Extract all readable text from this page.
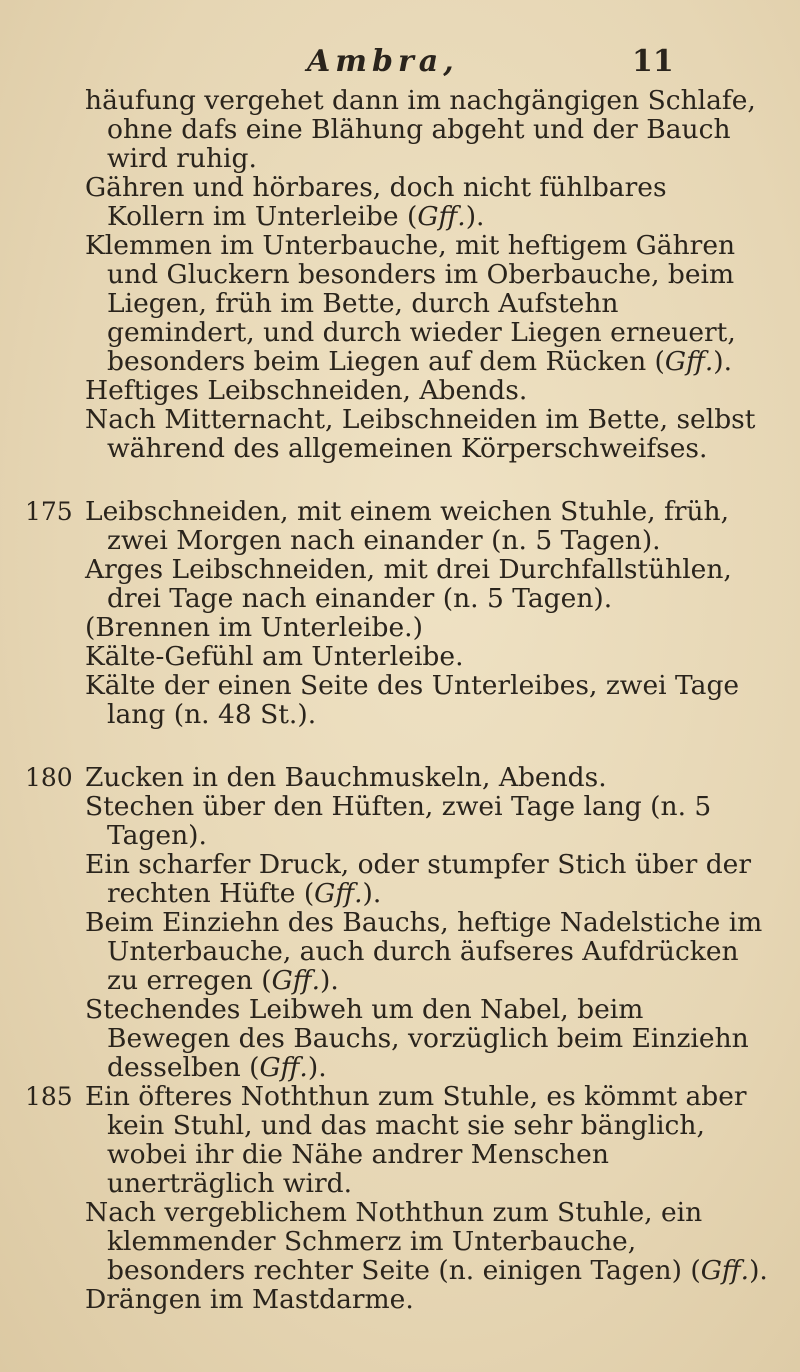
Ambra,	11
häufung vergehet dann im nachgängigen Schlafe, ohne dafs eine Blähung abgeht und der Bauch wird ruhig.
Gähren und hörbares, doch nicht fühlbares Kollern im Unterleibe (Gff.).
Klemmen im Unterbauche, mit heftigem Gähren und Gluckern besonders im Oberbauche, beim Liegen, früh im Bette, durch Aufstehn gemindert, und durch wieder Liegen erneuert, besonders beim Liegen auf dem Rücken (Gff.).
Heftiges Leibschneiden, Abends.
Nach Mitternacht, Leibschneiden im Bette, selbst während des allgemeinen Körperschweifses.
175 Leibschneiden, mit einem weichen Stuhle, früh, zwei Morgen nach einander (n. 5 Tagen).
Arges Leibschneiden, mit drei Durchfallstühlen, drei Tage nach einander (n. 5 Tagen).
(Brennen im Unterleibe.)
Kälte-Gefühl am Unterleibe.
Kälte der einen Seite des Unterleibes, zwei Tage lang (n. 48 St.).
180 Zucken in den Bauchmuskeln, Abends.
Stechen über den Hüften, zwei Tage lang (n. 5 Tagen).
Ein scharfer Druck, oder stumpfer Stich über der rechten Hüfte (Gff.).
Beim Einziehn des Bauchs, heftige Nadelstiche im Unterbauche, auch durch äufseres Aufdrücken zu erregen (Gff.).
Stechendes Leibweh um den Nabel, beim Bewegen des Bauchs, vorzüglich beim Einziehn desselben (Gff.).
185 Ein öfteres Noththun zum Stuhle, es kömmt aber kein Stuhl, und das macht sie sehr bänglich, wobei ihr die Nähe andrer Menschen unerträglich wird.
Nach vergeblichem Noththun zum Stuhle, ein klemmender Schmerz im Unterbauche, besonders rechter Seite (n. einigen Tagen) (Gff.).
Drängen im Mastdarme.
